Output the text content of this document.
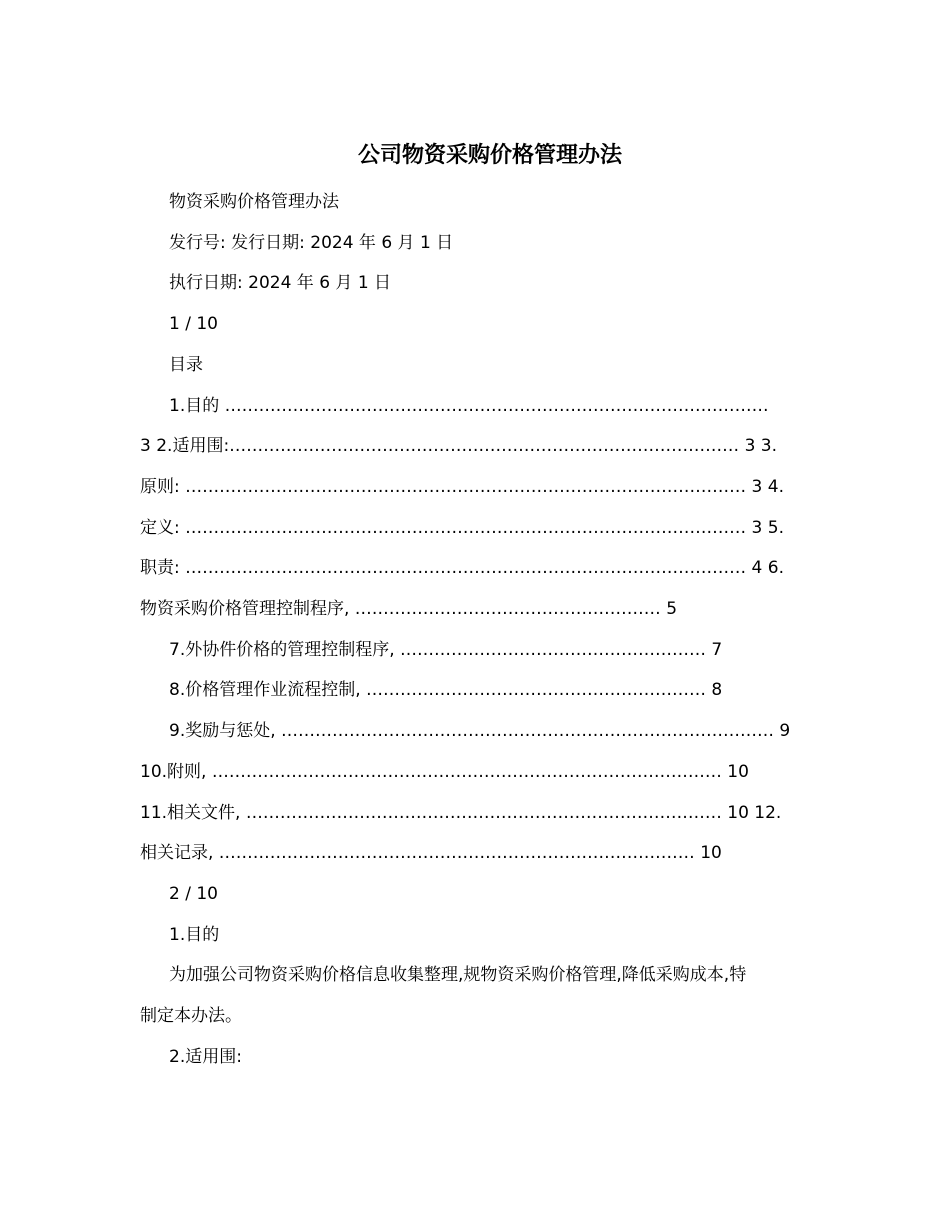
公司物资采购价格管理办法

物资采购价格管理办法

发行号: 发行日期: 2024 年 6 月 1 日

执行日期: 2024 年 6 月 1 日

1 / 10

目录

1.目的 ……………………………………………………………………………………

3 2.适用围:……………………………………………………………………………… 3 3.

原则: ……………………………………………………………………………………… 3 4.

定义: ……………………………………………………………………………………… 3 5.

职责: ……………………………………………………………………………………… 4 6.

物资采购价格管理控制程序, ……………………………………………… 5

7.外协件价格的管理控制程序, ……………………………………………… 7

8.价格管理作业流程控制, …………………………………………………… 8

9.奖励与惩处, …………………………………………………………………………… 9

10.附则, ……………………………………………………………………………… 10

11.相关文件, ………………………………………………………………………… 10 12.

相关记录, ………………………………………………………………………… 10

2 / 10

1.目的

为加强公司物资采购价格信息收集整理,规物资采购价格管理,降低采购成本,特

制定本办法。

2.适用围:
